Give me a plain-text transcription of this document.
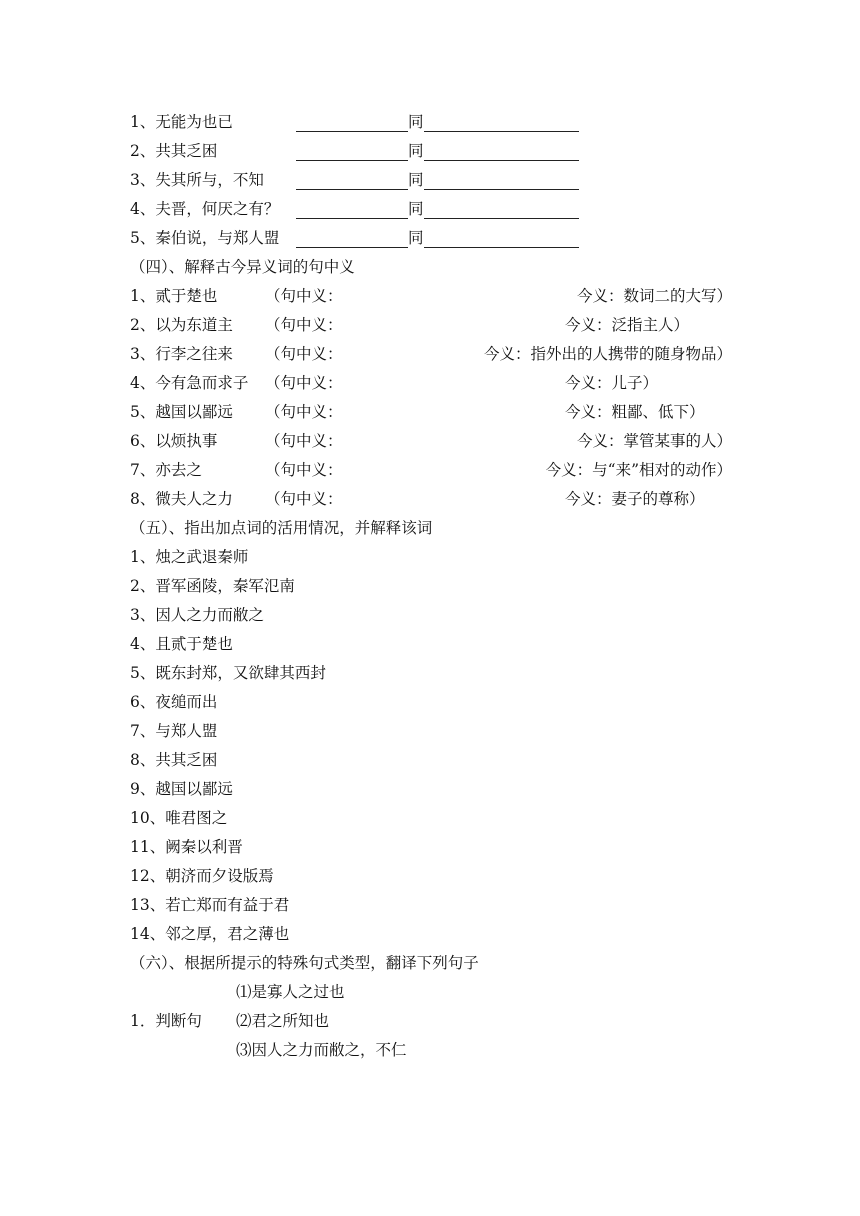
1、无能为也已	同
2、共其乏困	同
3、失其所与，不知	同
4、夫晋，何厌之有？	同
5、秦伯说，与郑人盟	同
（四）、解释古今异义词的句中义
1、贰于楚也	（句中义：	今义：数词二的大写）
2、以为东道主 （句中义：	今义：泛指主人）
3、行李之往来 （句中义：	今义：指外出的人携带的随身物品）
4、今有急而求子 （句中义：	今义：儿子）
5、越国以鄙远 （句中义：	今义：粗鄙、低下）
6、以烦执事	（句中义：	今义：掌管某事的人）
7、亦去之	（句中义：	今义：与“来”相对的动作）
8、微夫人之力 （句中义：	今义：妻子的尊称）
（五）、指出加点词的活用情况，并解释该词
1、烛之武退秦师
2、晋军函陵，秦军氾南
3、因人之力而敝之
4、且贰于楚也
5、既东封郑，又欲肆其西封
6、夜缒而出
7、与郑人盟
8、共其乏困
9、越国以鄙远
10、唯君图之
11、阙秦以利晋
12、朝济而夕设版焉
13、若亡郑而有益于君
14、邻之厚，君之薄也
（六）、根据所提示的特殊句式类型，翻译下列句子
⑴是寡人之过也
1．判断句 ⑵君之所知也
⑶因人之力而敝之，不仁
